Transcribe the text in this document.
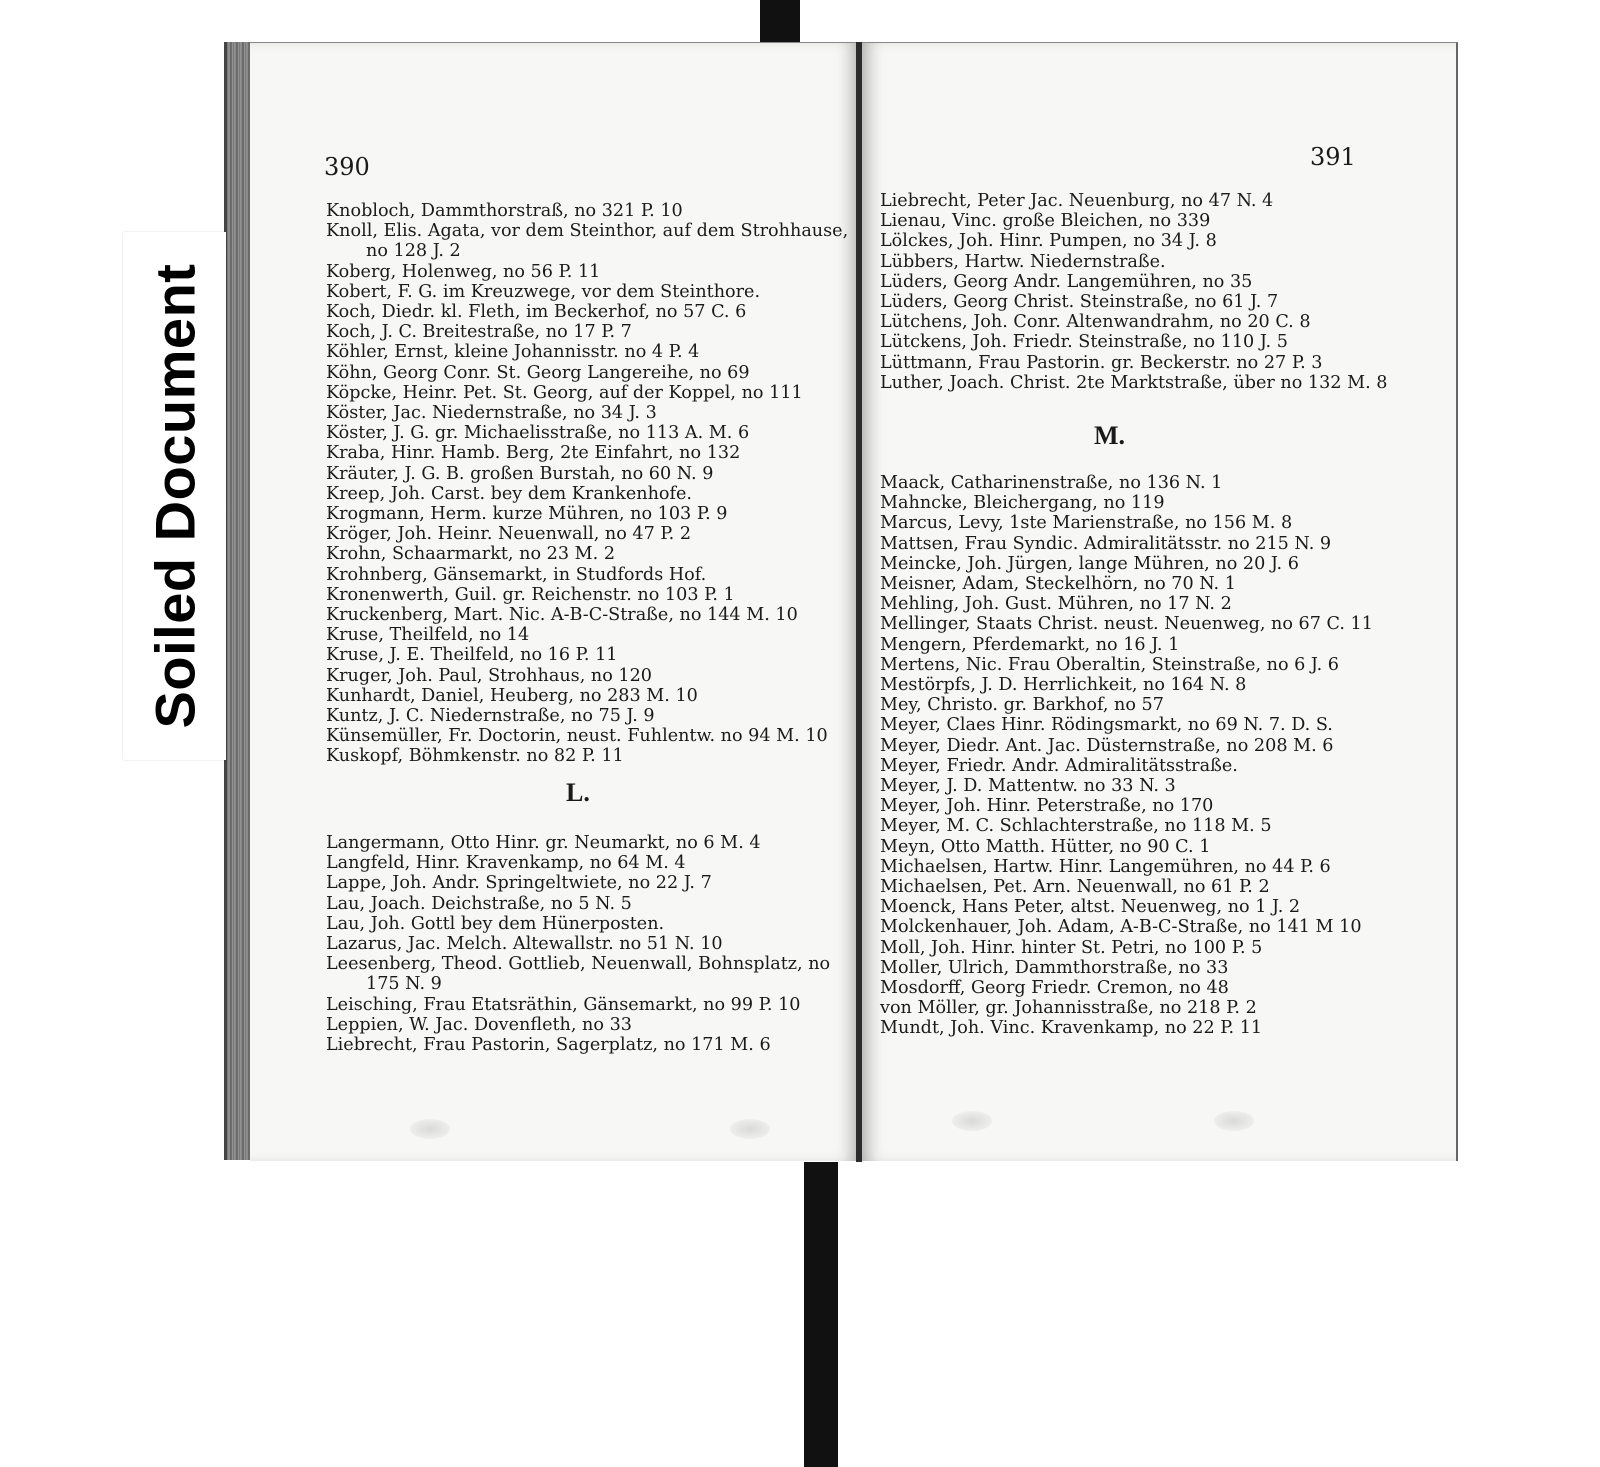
390
Knobloch, Dammthorstraß, no 321 P. 10
Knoll, Elis. Agata, vor dem Steinthor, auf dem Strohhause,
no 128 J. 2
Koberg, Holenweg, no 56 P. 11
Kobert, F. G. im Kreuzwege, vor dem Steinthore.
Koch, Diedr. kl. Fleth, im Beckerhof, no 57 C. 6
Koch, J. C. Breitestraße, no 17 P. 7
Köhler, Ernst, kleine Johannisstr. no 4 P. 4
Köhn, Georg Conr. St. Georg Langereihe, no 69
Köpcke, Heinr. Pet. St. Georg, auf der Koppel, no 111
Köster, Jac. Niedernstraße, no 34 J. 3
Köster, J. G. gr. Michaelisstraße, no 113 A. M. 6
Kraba, Hinr. Hamb. Berg, 2te Einfahrt, no 132
Kräuter, J. G. B. großen Burstah, no 60 N. 9
Kreep, Joh. Carst. bey dem Krankenhofe.
Krogmann, Herm. kurze Mühren, no 103 P. 9
Kröger, Joh. Heinr. Neuenwall, no 47 P. 2
Krohn, Schaarmarkt, no 23 M. 2
Krohnberg, Gänsemarkt, in Studfords Hof.
Kronenwerth, Guil. gr. Reichenstr. no 103 P. 1
Kruckenberg, Mart. Nic. A-B-C-Straße, no 144 M. 10
Kruse, Theilfeld, no 14
Kruse, J. E. Theilfeld, no 16 P. 11
Kruger, Joh. Paul, Strohhaus, no 120
Kunhardt, Daniel, Heuberg, no 283 M. 10
Kuntz, J. C. Niedernstraße, no 75 J. 9
Künsemüller, Fr. Doctorin, neust. Fuhlentw. no 94 M. 10
Kuskopf, Böhmkenstr. no 82 P. 11
L.
Langermann, Otto Hinr. gr. Neumarkt, no 6 M. 4
Langfeld, Hinr. Kravenkamp, no 64 M. 4
Lappe, Joh. Andr. Springeltwiete, no 22 J. 7
Lau, Joach. Deichstraße, no 5 N. 5
Lau, Joh. Gottl bey dem Hünerposten.
Lazarus, Jac. Melch. Altewallstr. no 51 N. 10
Leesenberg, Theod. Gottlieb, Neuenwall, Bohnsplatz, no
175 N. 9
Leisching, Frau Etatsräthin, Gänsemarkt, no 99 P. 10
Leppien, W. Jac. Dovenfleth, no 33
Liebrecht, Frau Pastorin, Sagerplatz, no 171 M. 6
391
Liebrecht, Peter Jac. Neuenburg, no 47 N. 4
Lienau, Vinc. große Bleichen, no 339
Lölckes, Joh. Hinr. Pumpen, no 34 J. 8
Lübbers, Hartw. Niedernstraße.
Lüders, Georg Andr. Langemühren, no 35
Lüders, Georg Christ. Steinstraße, no 61 J. 7
Lütchens, Joh. Conr. Altenwandrahm, no 20 C. 8
Lütckens, Joh. Friedr. Steinstraße, no 110 J. 5
Lüttmann, Frau Pastorin. gr. Beckerstr. no 27 P. 3
Luther, Joach. Christ. 2te Marktstraße, über no 132 M. 8
M.
Maack, Catharinenstraße, no 136 N. 1
Mahncke, Bleichergang, no 119
Marcus, Levy, 1ste Marienstraße, no 156 M. 8
Mattsen, Frau Syndic. Admiralitätsstr. no 215 N. 9
Meincke, Joh. Jürgen, lange Mühren, no 20 J. 6
Meisner, Adam, Steckelhörn, no 70 N. 1
Mehling, Joh. Gust. Mühren, no 17 N. 2
Mellinger, Staats Christ. neust. Neuenweg, no 67 C. 11
Mengern, Pferdemarkt, no 16 J. 1
Mertens, Nic. Frau Oberaltin, Steinstraße, no 6 J. 6
Mestörpfs, J. D. Herrlichkeit, no 164 N. 8
Mey, Christo. gr. Barkhof, no 57
Meyer, Claes Hinr. Rödingsmarkt, no 69 N. 7. D. S.
Meyer, Diedr. Ant. Jac. Düsternstraße, no 208 M. 6
Meyer, Friedr. Andr. Admiralitätsstraße.
Meyer, J. D. Mattentw. no 33 N. 3
Meyer, Joh. Hinr. Peterstraße, no 170
Meyer, M. C. Schlachterstraße, no 118 M. 5
Meyn, Otto Matth. Hütter, no 90 C. 1
Michaelsen, Hartw. Hinr. Langemühren, no 44 P. 6
Michaelsen, Pet. Arn. Neuenwall, no 61 P. 2
Moenck, Hans Peter, altst. Neuenweg, no 1 J. 2
Molckenhauer, Joh. Adam, A-B-C-Straße, no 141 M 10
Moll, Joh. Hinr. hinter St. Petri, no 100 P. 5
Moller, Ulrich, Dammthorstraße, no 33
Mosdorff, Georg Friedr. Cremon, no 48
von Möller, gr. Johannisstraße, no 218 P. 2
Mundt, Joh. Vinc. Kravenkamp, no 22 P. 11
Soiled Document
